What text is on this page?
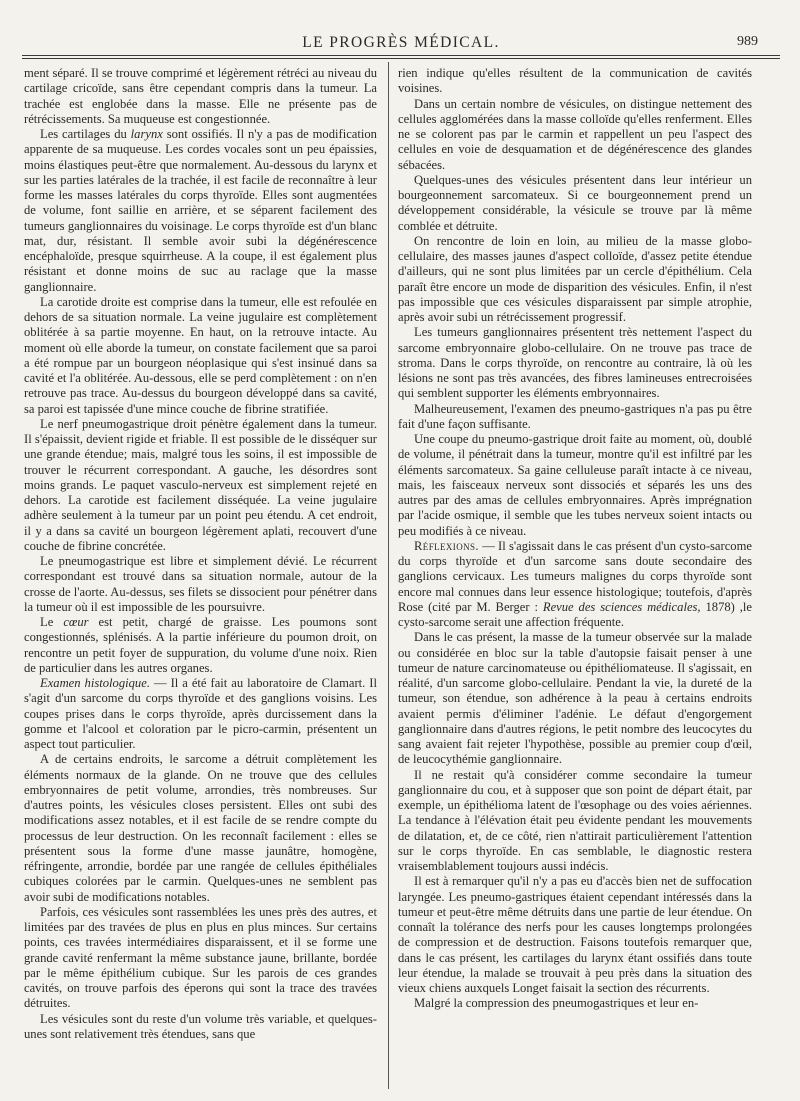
LE PROGRÈS MÉDICAL.	989

ment séparé. Il se trouve comprimé et légèrement rétréci au niveau du cartilage cricoïde, sans être cependant compris dans la tumeur. La trachée est englobée dans la masse. Elle ne présente pas de rétrécissements. Sa muqueuse est congestionnée.

Les cartilages du larynx sont ossifiés. Il n'y a pas de modification apparente de sa muqueuse. Les cordes vocales sont un peu épaissies, moins élastiques peut-être que normalement. Au-dessous du larynx et sur les parties latérales de la trachée, il est facile de reconnaître à leur forme les masses latérales du corps thyroïde. Elles sont augmentées de volume, font saillie en arrière, et se séparent facilement des tumeurs ganglionnaires du voisinage. Le corps thyroïde est d'un blanc mat, dur, résistant. Il semble avoir subi la dégénérescence encéphaloïde, presque squirrheuse. A la coupe, il est également plus résistant et donne moins de suc au raclage que la masse ganglionnaire.

La carotide droite est comprise dans la tumeur, elle est refoulée en dehors de sa situation normale. La veine jugulaire est complètement oblitérée à sa partie moyenne. En haut, on la retrouve intacte. Au moment où elle aborde la tumeur, on constate facilement que sa paroi a été rompue par un bourgeon néoplasique qui s'est insinué dans sa cavité et l'a oblitérée. Au-dessous, elle se perd complètement : on n'en retrouve pas trace. Au-dessus du bourgeon développé dans sa cavité, sa paroi est tapissée d'une mince couche de fibrine stratifiée.

Le nerf pneumogastrique droit pénètre également dans la tumeur. Il s'épaissit, devient rigide et friable. Il est possible de le disséquer sur une grande étendue; mais, malgré tous les soins, il est impossible de trouver le récurrent correspondant. A gauche, les désordres sont moins grands. Le paquet vasculo-nerveux est simplement rejeté en dehors. La carotide est facilement disséquée. La veine jugulaire adhère seulement à la tumeur par un point peu étendu. A cet endroit, il y a dans sa cavité un bourgeon légèrement aplati, recouvert d'une couche de fibrine concrétée.

Le pneumogastrique est libre et simplement dévié. Le récurrent correspondant est trouvé dans sa situation normale, autour de la crosse de l'aorte. Au-dessus, ses filets se dissocient pour pénétrer dans la tumeur où il est impossible de les poursuivre.

Le cœur est petit, chargé de graisse. Les poumons sont congestionnés, splénisés. A la partie inférieure du poumon droit, on rencontre un petit foyer de suppuration, du volume d'une noix. Rien de particulier dans les autres organes.

Examen histologique. — Il a été fait au laboratoire de Clamart. Il s'agit d'un sarcome du corps thyroïde et des ganglions voisins. Les coupes prises dans le corps thyroïde, après durcissement dans la gomme et l'alcool et coloration par le picro-carmin, présentent un aspect tout particulier.

A de certains endroits, le sarcome a détruit complètement les éléments normaux de la glande. On ne trouve que des cellules embryonnaires de petit volume, arrondies, très nombreuses. Sur d'autres points, les vésicules closes persistent. Elles ont subi des modifications assez notables, et il est facile de se rendre compte du processus de leur destruction. On les reconnaît facilement : elles se présentent sous la forme d'une masse jaunâtre, homogène, réfringente, arrondie, bordée par une rangée de cellules épithéliales cubiques colorées par le carmin. Quelques-unes ne semblent pas avoir subi de modifications notables.

Parfois, ces vésicules sont rassemblées les unes près des autres, et limitées par des travées de plus en plus en plus minces. Sur certains points, ces travées intermédiaires disparaissent, et il se forme une grande cavité renfermant la même substance jaune, brillante, bordée par le même épithélium cubique. Sur les parois de ces grandes cavités, on trouve parfois des éperons qui sont la trace des travées détruites.

Les vésicules sont du reste d'un volume très variable, et quelques-unes sont relativement très étendues, sans que

rien indique qu'elles résultent de la communication de cavités voisines.

Dans un certain nombre de vésicules, on distingue nettement des cellules agglomérées dans la masse colloïde qu'elles renferment. Elles ne se colorent pas par le carmin et rappellent un peu l'aspect des cellules en voie de desquamation et de dégénérescence des glandes sébacées.

Quelques-unes des vésicules présentent dans leur intérieur un bourgeonnement sarcomateux. Si ce bourgeonnement prend un développement considérable, la vésicule se trouve par là même comblée et détruite.

On rencontre de loin en loin, au milieu de la masse globo-cellulaire, des masses jaunes d'aspect colloïde, d'assez petite étendue d'ailleurs, qui ne sont plus limitées par un cercle d'épithélium. Cela paraît être encore un mode de disparition des vésicules. Enfin, il n'est pas impossible que ces vésicules disparaissent par simple atrophie, après avoir subi un rétrécissement progressif.

Les tumeurs ganglionnaires présentent très nettement l'aspect du sarcome embryonnaire globo-cellulaire. On ne trouve pas trace de stroma. Dans le corps thyroïde, on rencontre au contraire, là où les lésions ne sont pas très avancées, des fibres lamineuses entrecroisées qui semblent supporter les éléments embryonnaires.

Malheureusement, l'examen des pneumo-gastriques n'a pas pu être fait d'une façon suffisante.

Une coupe du pneumo-gastrique droit faite au moment, où, doublé de volume, il pénétrait dans la tumeur, montre qu'il est infiltré par les éléments sarcomateux. Sa gaine celluleuse paraît intacte à ce niveau, mais, les faisceaux nerveux sont dissociés et séparés les uns des autres par des amas de cellules embryonnaires. Après imprégnation par l'acide osmique, il semble que les tubes nerveux soient intacts ou peu modifiés à ce niveau.

Réflexions. — Il s'agissait dans le cas présent d'un cysto-sarcome du corps thyroïde et d'un sarcome sans doute secondaire des ganglions cervicaux. Les tumeurs malignes du corps thyroïde sont encore mal connues dans leur essence histologique; toutefois, d'après Rose (cité par M. Berger : Revue des sciences médicales, 1878) ,le cysto-sarcome serait une affection fréquente.

Dans le cas présent, la masse de la tumeur observée sur la malade ou considérée en bloc sur la table d'autopsie faisait penser à une tumeur de nature carcinomateuse ou épithéliomateuse. Il s'agissait, en réalité, d'un sarcome globo-cellulaire. Pendant la vie, la dureté de la tumeur, son étendue, son adhérence à la peau à certains endroits avaient permis d'éliminer l'adénie. Le défaut d'engorgement ganglionnaire dans d'autres régions, le petit nombre des leucocytes du sang avaient fait rejeter l'hypothèse, possible au premier coup d'œil, de leucocythémie ganglionnaire.

Il ne restait qu'à considérer comme secondaire la tumeur ganglionnaire du cou, et à supposer que son point de départ était, par exemple, un épithélioma latent de l'œsophage ou des voies aériennes. La tendance à l'élévation était peu évidente pendant les mouvements de dilatation, et, de ce côté, rien n'attirait particulièrement l'attention sur le corps thyroïde. En cas semblable, le diagnostic restera vraisemblablement toujours aussi indécis.

Il est à remarquer qu'il n'y a pas eu d'accès bien net de suffocation laryngée. Les pneumo-gastriques étaient cependant intéressés dans la tumeur et peut-être même détruits dans une partie de leur étendue. On connaît la tolérance des nerfs pour les causes longtemps prolongées de compression et de destruction. Faisons toutefois remarquer que, dans le cas présent, les cartilages du larynx étant ossifiés dans toute leur étendue, la malade se trouvait à peu près dans la situation des vieux chiens auxquels Longet faisait la section des récurrents.

Malgré la compression des pneumogastriques et leur en-
